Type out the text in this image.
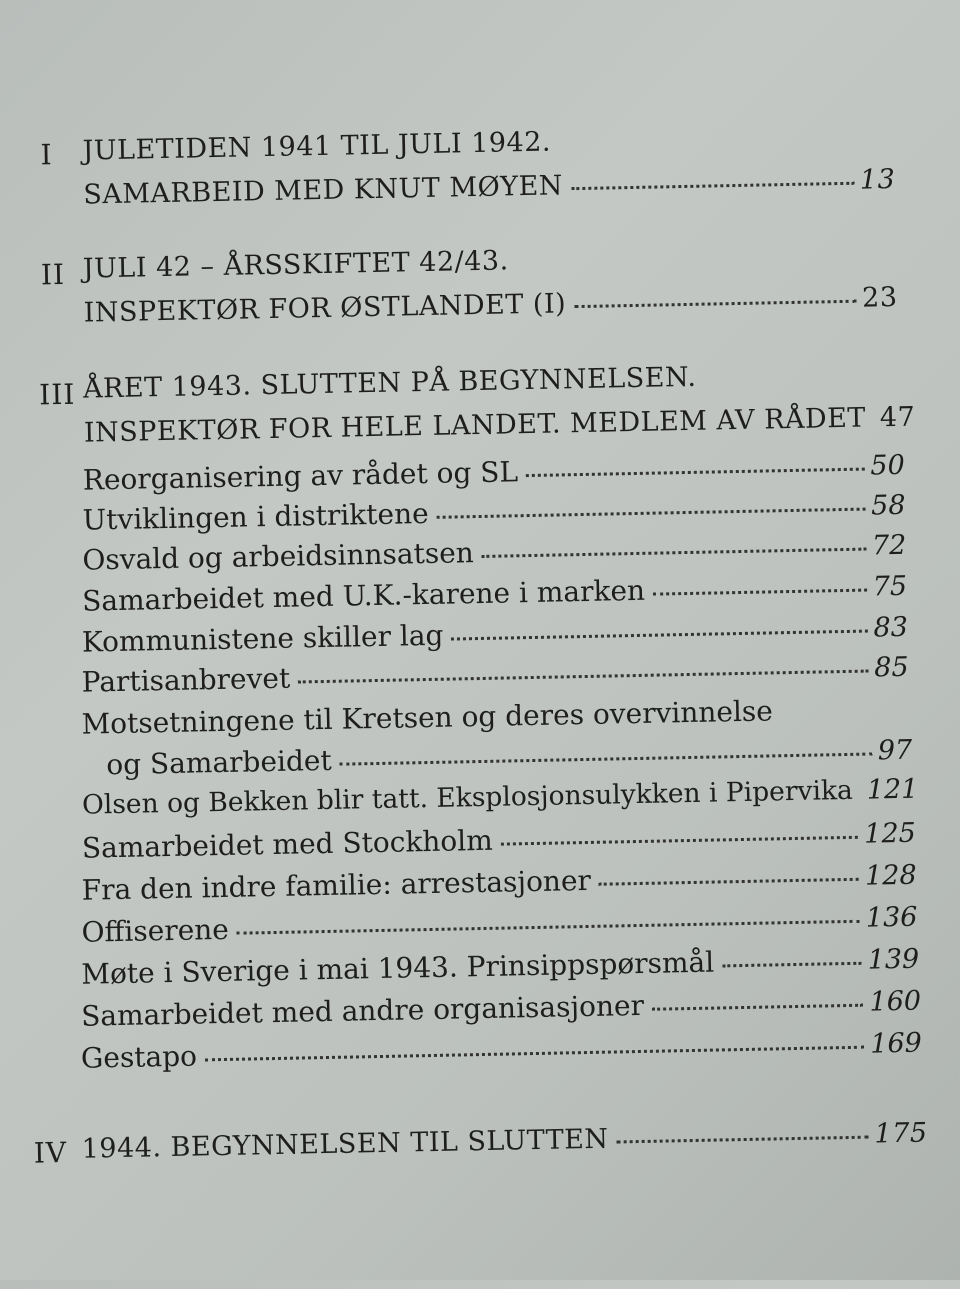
I JULETIDEN 1941 TIL JULI 1942.
SAMARBEID MED KNUT MØYEN	13
II JULI 42 – ÅRSSKIFTET 42/43.
INSPEKTØR FOR ØSTLANDET (I)	23
III ÅRET 1943. SLUTTEN PÅ BEGYNNELSEN.
INSPEKTØR FOR HELE LANDET. MEDLEM AV RÅDET 47
Reorganisering av rådet og SL	50
Utviklingen i distriktene	58
Osvald og arbeidsinnsatsen	72
Samarbeidet med U.K.-karene i marken	75
Kommunistene skiller lag	83
Partisanbrevet	85
Motsetningene til Kretsen og deres overvinnelse
og Samarbeidet	97
Olsen og Bekken blir tatt. Eksplosjonsulykken i Pipervika 121
Samarbeidet med Stockholm	125
Fra den indre familie: arrestasjoner	128
Offiserene	136
Møte i Sverige i mai 1943. Prinsippspørsmål	139
Samarbeidet med andre organisasjoner	160
Gestapo	169
IV 1944. BEGYNNELSEN TIL SLUTTEN	175
